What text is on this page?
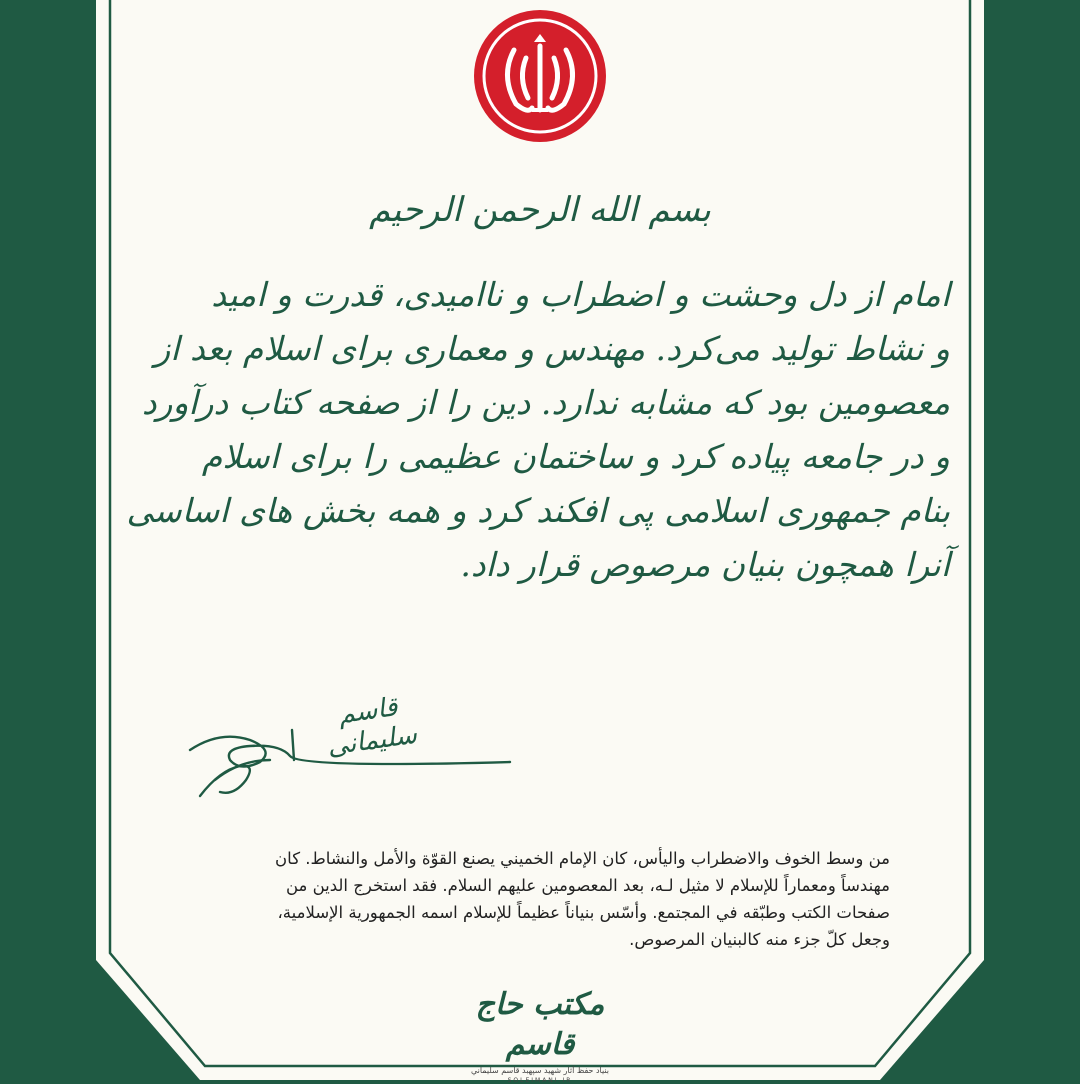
بسم الله الرحمن الرحیم
امام از دل وحشت و اضطراب و ناامیدی، قدرت و امید
و نشاط تولید می‌کرد. مهندس و معماری برای اسلام بعد از
معصومین بود که مشابه ندارد. دین را از صفحه کتاب درآورد
و در جامعه پیاده کرد و ساختمان عظیمی را برای اسلام
بنام جمهوری اسلامی پی افکند کرد و همه بخش های اساسی
آنرا همچون بنیان مرصوص قرار داد.
قاسم سلیمانی

من وسط الخوف والاضطراب واليأس، كان الإمام الخميني يصنع القوّة والأمل والنشاط. كان

مهندساً ومعماراً للإسلام لا مثيل لـه، بعد المعصومين عليهم السلام. فقد استخرج الدين من

صفحات الكتب وطبّقه في المجتمع. وأسّس بنياناً عظيماً للإسلام اسمه الجمهورية الإسلامية،

وجعل كلّ جزء منه كالبنيان المرصوص.

مكتب حاج قاسم
بنياد حفظ آثار شهيد سپهبد قاسم سليماني
SOLEIMANI.IR
